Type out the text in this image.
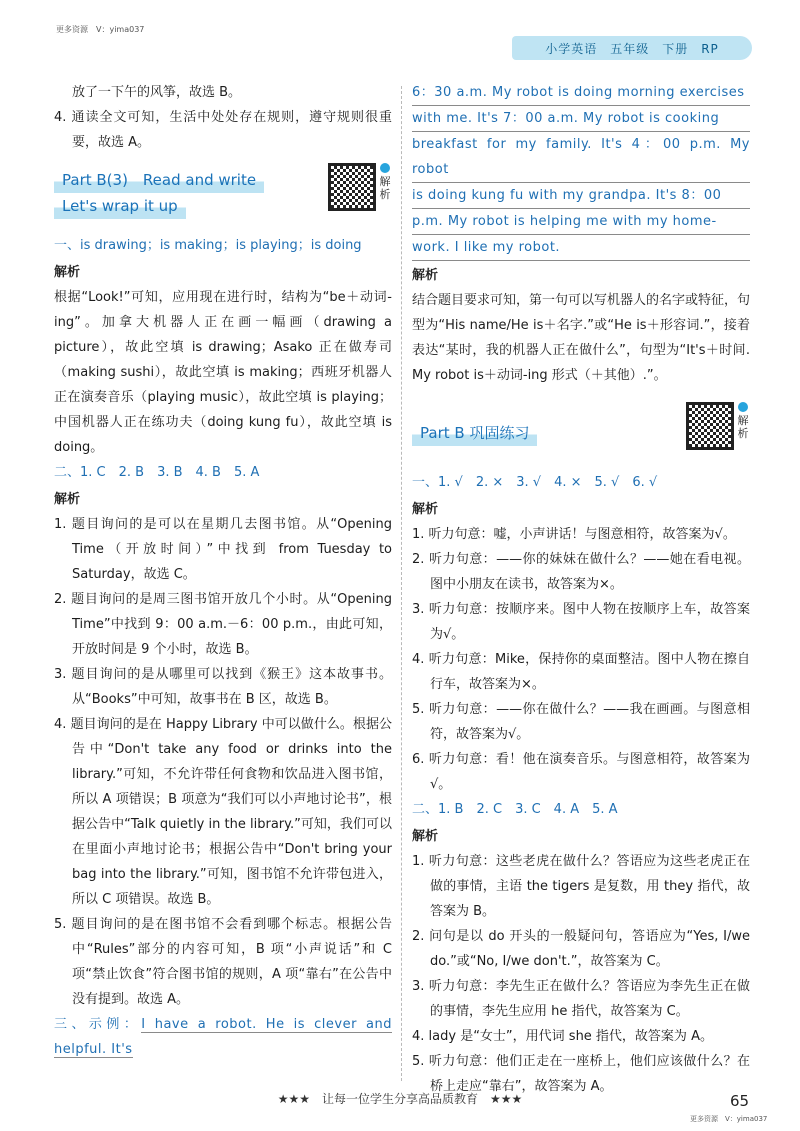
更多资源　V：yima037
小学英语　五年级　下册　RP

放了一下午的风筝，故选 B。

4. 通读全文可知，生活中处处存在规则，遵守规则很重要，故选 A。

Part B(3)　Read and write
Let's wrap it up
解析

一、is drawing；is making；is playing；is doing

解析

根据“Look!”可知，应用现在进行时，结构为“be＋动词-ing”。加拿大机器人正在画一幅画（drawing a picture），故此空填 is drawing；Asako 正在做寿司（making sushi），故此空填 is making；西班牙机器人正在演奏音乐（playing music），故此空填 is playing；中国机器人正在练功夫（doing kung fu），故此空填 is doing。

二、1. C　2. B　3. B　4. B　5. A

解析

1. 题目询问的是可以在星期几去图书馆。从“Opening Time（开放时间）”中找到 from Tuesday to Saturday，故选 C。

2. 题目询问的是周三图书馆开放几个小时。从“Opening Time”中找到 9：00 a.m.－6：00 p.m.，由此可知，开放时间是 9 个小时，故选 B。

3. 题目询问的是从哪里可以找到《猴王》这本故事书。从“Books”中可知，故事书在 B 区，故选 B。

4. 题目询问的是在 Happy Library 中可以做什么。根据公告中“Don't take any food or drinks into the library.”可知，不允许带任何食物和饮品进入图书馆，所以 A 项错误；B 项意为“我们可以小声地讨论书”，根据公告中“Talk quietly in the library.”可知，我们可以在里面小声地讨论书；根据公告中“Don't bring your bag into the library.”可知，图书馆不允许带包进入，所以 C 项错误。故选 B。

5. 题目询问的是在图书馆不会看到哪个标志。根据公告中“Rules”部分的内容可知，B 项“小声说话”和 C 项“禁止饮食”符合图书馆的规则，A 项“靠右”在公告中没有提到。故选 A。

三、示例：I have a robot. He is clever and helpful. It's

6：30 a.m. My robot is doing morning exercises
with me. It's 7：00 a.m. My robot is cooking
breakfast for my family. It's 4：00 p.m. My robot
is doing kung fu with my grandpa. It's 8：00
p.m. My robot is helping me with my home-
work. I like my robot.

解析

结合题目要求可知，第一句可以写机器人的名字或特征，句型为“His name/He is＋名字.”或“He is＋形容词.”，接着表达“某时，我的机器人正在做什么”，句型为“It's＋时间. My robot is＋动词-ing 形式（＋其他）.”。

Part B 巩固练习
解析

一、1. √　2. ×　3. √　4. ×　5. √　6. √

解析

1. 听力句意：嘘，小声讲话！与图意相符，故答案为√。

2. 听力句意：——你的妹妹在做什么？——她在看电视。图中小朋友在读书，故答案为×。

3. 听力句意：按顺序来。图中人物在按顺序上车，故答案为√。

4. 听力句意：Mike，保持你的桌面整洁。图中人物在擦自行车，故答案为×。

5. 听力句意：——你在做什么？——我在画画。与图意相符，故答案为√。

6. 听力句意：看！他在演奏音乐。与图意相符，故答案为√。

二、1. B　2. C　3. C　4. A　5. A

解析

1. 听力句意：这些老虎在做什么？答语应为这些老虎正在做的事情，主语 the tigers 是复数，用 they 指代，故答案为 B。

2. 问句是以 do 开头的一般疑问句，答语应为“Yes, I/we do.”或“No, I/we don't.”，故答案为 C。

3. 听力句意：李先生正在做什么？答语应为李先生正在做的事情，李先生应用 he 指代，故答案为 C。

4. lady 是“女士”，用代词 she 指代，故答案为 A。

5. 听力句意：他们正走在一座桥上，他们应该做什么？在桥上走应“靠右”，故答案为 A。

★★★　让每一位学生分享高品质教育　★★★	65
更多资源　V：yima037
